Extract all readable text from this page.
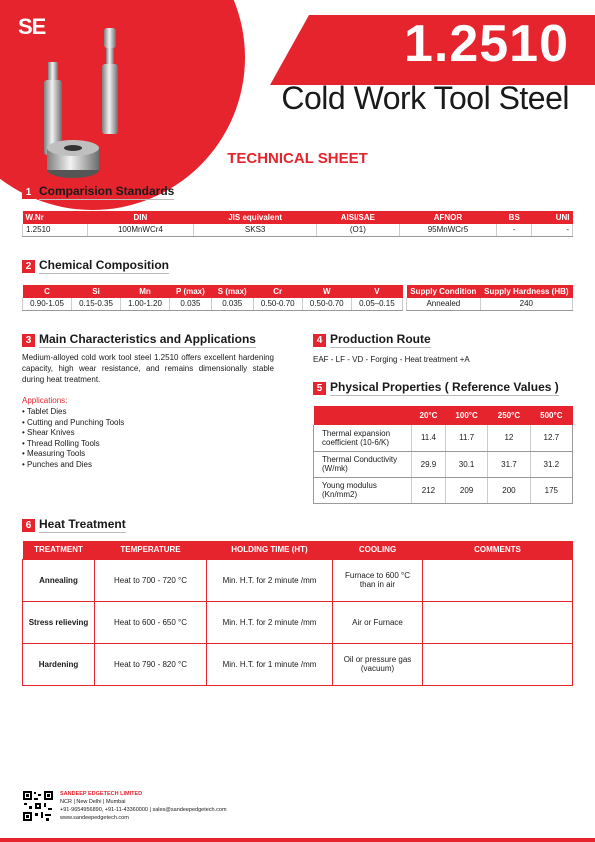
SE	1.2510
Cold Work Tool Steel
TECHNICAL SHEET
1 Comparision Standards
W.Nr	DIN	JIS equivalent	AISI/SAE	AFNOR	BS	UNI
1.2510	100MnWCr4	SKS3	(O1)	95MnWCr5	-	-
2 Chemical Composition
C	Si	Mn	P (max)	S (max)	Cr	W	V
0.90-1.05	0.15-0.35	1.00-1.20	0.035	0.035	0.50-0.70	0.50-0.70	0.05–0.15
Supply Condition	Supply Hardness (HB)
Annealed	240
3 Main Characteristics and Applications
Medium-alloyed cold work tool steel 1.2510 offers excellent hardening capacity, high wear resistance, and remains dimensionally stable during heat treatment.
Applications:
• Tablet Dies
• Cutting and Punching Tools
• Shear Knives
• Thread Rolling Tools
• Measuring Tools
• Punches and Dies
4 Production Route
EAF - LF - VD - Forging - Heat treatment +A
5 Physical Properties ( Reference Values )
	20°C	100°C	250°C	500°C
Thermal expansion coefficient (10-6/K)	11.4	11.7	12	12.7
Thermal Conductivity (W/mk)	29.9	30.1	31.7	31.2
Young modulus (Kn/mm2)	212	209	200	175
6 Heat Treatment
TREATMENT	TEMPERATURE	HOLDING TIME (HT)	COOLING	COMMENTS
Annealing	Heat to 700 - 720 °C	Min. H.T. for 2 minute /mm	Furnace to 600 °C than in air	
Stress relieving	Heat to 600 - 650 °C	Min. H.T. for 2 minute /mm	Air or Furnace	
Hardening	Heat to 790 - 820 °C	Min. H.T. for 1 minute /mm	Oil or pressure gas (vacuum)	
SANDEEP EDGETECH LIMITED
NCR | New Delhi | Mumbai
+91-9654956890, +91-11-43360000 | sales@sandeepedgetech.com
www.sandeepedgetech.com
